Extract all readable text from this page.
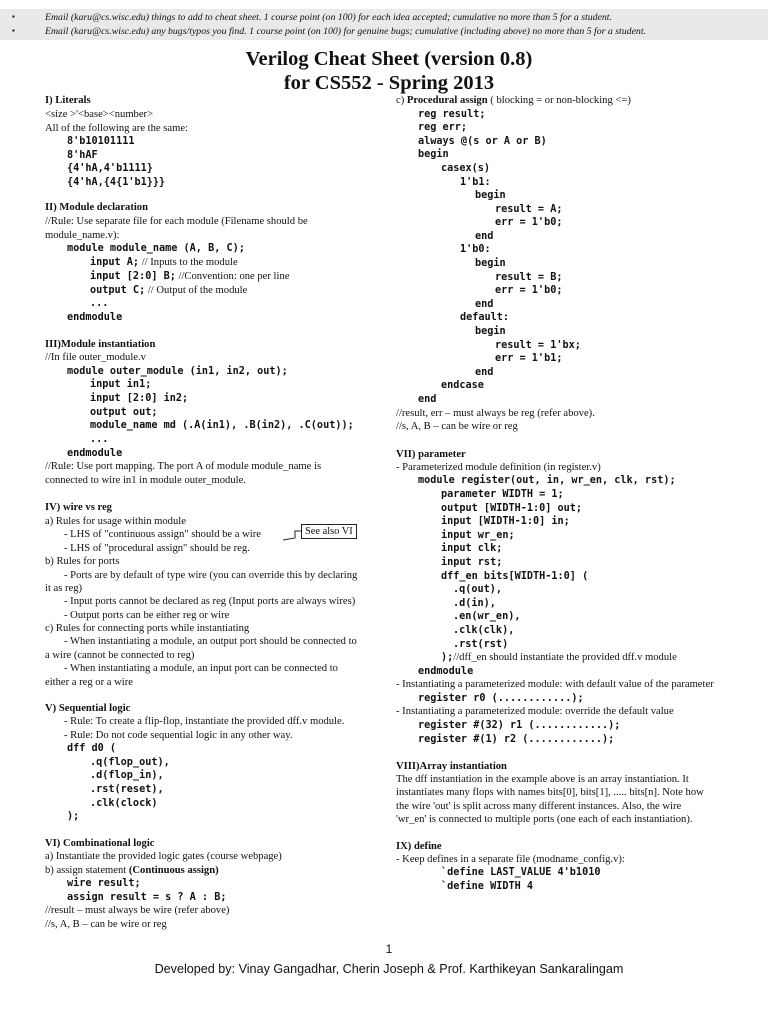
▪	Email (karu@cs.wisc.edu) things to add to cheat sheet. 1 course point (on 100) for each idea accepted; cumulative no more than 5 for a student.
▪	Email (karu@cs.wisc.edu) any bugs/typos you find. 1 course point (on 100) for genuine bugs; cumulative (including above) no more than 5 for a student.
Verilog Cheat Sheet (version 0.8)
for CS552 - Spring 2013
I) Literals
<size >'<base><number>
All of the following are the same:
8'b10101111
8'hAF
{4'hA,4'b1111}
{4'hA,{4{1'b1}}}
II) Module declaration
//Rule: Use separate file for each module (Filename should be
module_name.v):
module module_name (A, B, C);
input A; // Inputs to the module
input [2:0] B; //Convention: one per line
output C; // Output of the module
...
endmodule
III)Module instantiation
//In file outer_module.v
module outer_module (in1, in2, out);
input in1;
input [2:0] in2;
output out;
module_name md (.A(in1), .B(in2), .C(out));
...
endmodule
//Rule: Use port mapping. The port A of module module_name is
connected to wire in1 in module outer_module.
IV) wire vs reg
a) Rules for usage within module
- LHS of "continuous assign" should be a wire
- LHS of "procedural assign" should be reg.
b) Rules for ports
- Ports are by default of type wire (you can override this by declaring
it as reg)
- Input ports cannot be declared as reg (Input ports are always wires)
- Output ports can be either reg or wire
c) Rules for connecting ports while instantiating
- When instantiating a module, an output port should be connected to
a wire (cannot be connected to reg)
- When instantiating a module, an input port can be connected to
either a reg or a wire
V) Sequential logic
- Rule: To create a flip-flop, instantiate the provided dff.v module.
- Rule: Do not code sequential logic in any other way.
dff d0 (
.q(flop_out),
.d(flop_in),
.rst(reset),
.clk(clock)
);
VI) Combinational logic
a) Instantiate the provided logic gates (course webpage)
b) assign statement (Continuous assign)
wire result;
assign result = s ? A : B;
//result – must always be wire (refer above)
//s, A, B – can be wire or reg
See also VI
c) Procedural assign ( blocking = or non-blocking <=)
reg result;
reg err;
always @(s or A or B)
begin
casex(s)
1'b1:
begin
result = A;
err = 1'b0;
end
1'b0:
begin
result = B;
err = 1'b0;
end
default:
begin
result = 1'bx;
err = 1'b1;
end
endcase
end
//result, err – must always be reg (refer above).
//s, A, B – can be wire or reg
VII) parameter
- Parameterized module definition (in register.v)
module register(out, in, wr_en, clk, rst);
parameter WIDTH = 1;
output [WIDTH-1:0] out;
input [WIDTH-1:0] in;
input wr_en;
input clk;
input rst;
dff_en bits[WIDTH-1:0] (
.q(out),
.d(in),
.en(wr_en),
.clk(clk),
.rst(rst)
);//dff_en should instantiate the provided dff.v module
endmodule
- Instantiating a parameterized module: with default value of the parameter
register r0 (............);
- Instantiating a parameterized module: override the default value
register #(32) r1 (............);
register #(1) r2 (............);
VIII)Array instantiation
The dff instantiation in the example above is an array instantiation. It
instantiates many flops with names bits[0], bits[1], ..... bits[n]. Note how
the wire 'out' is split across many different instances. Also, the wire
'wr_en' is connected to multiple ports (one each of each instantiation).
IX) define
- Keep defines in a separate file (modname_config.v):
`define LAST_VALUE 4'b1010
`define WIDTH 4
1
Developed by: Vinay Gangadhar, Cherin Joseph & Prof. Karthikeyan Sankaralingam
